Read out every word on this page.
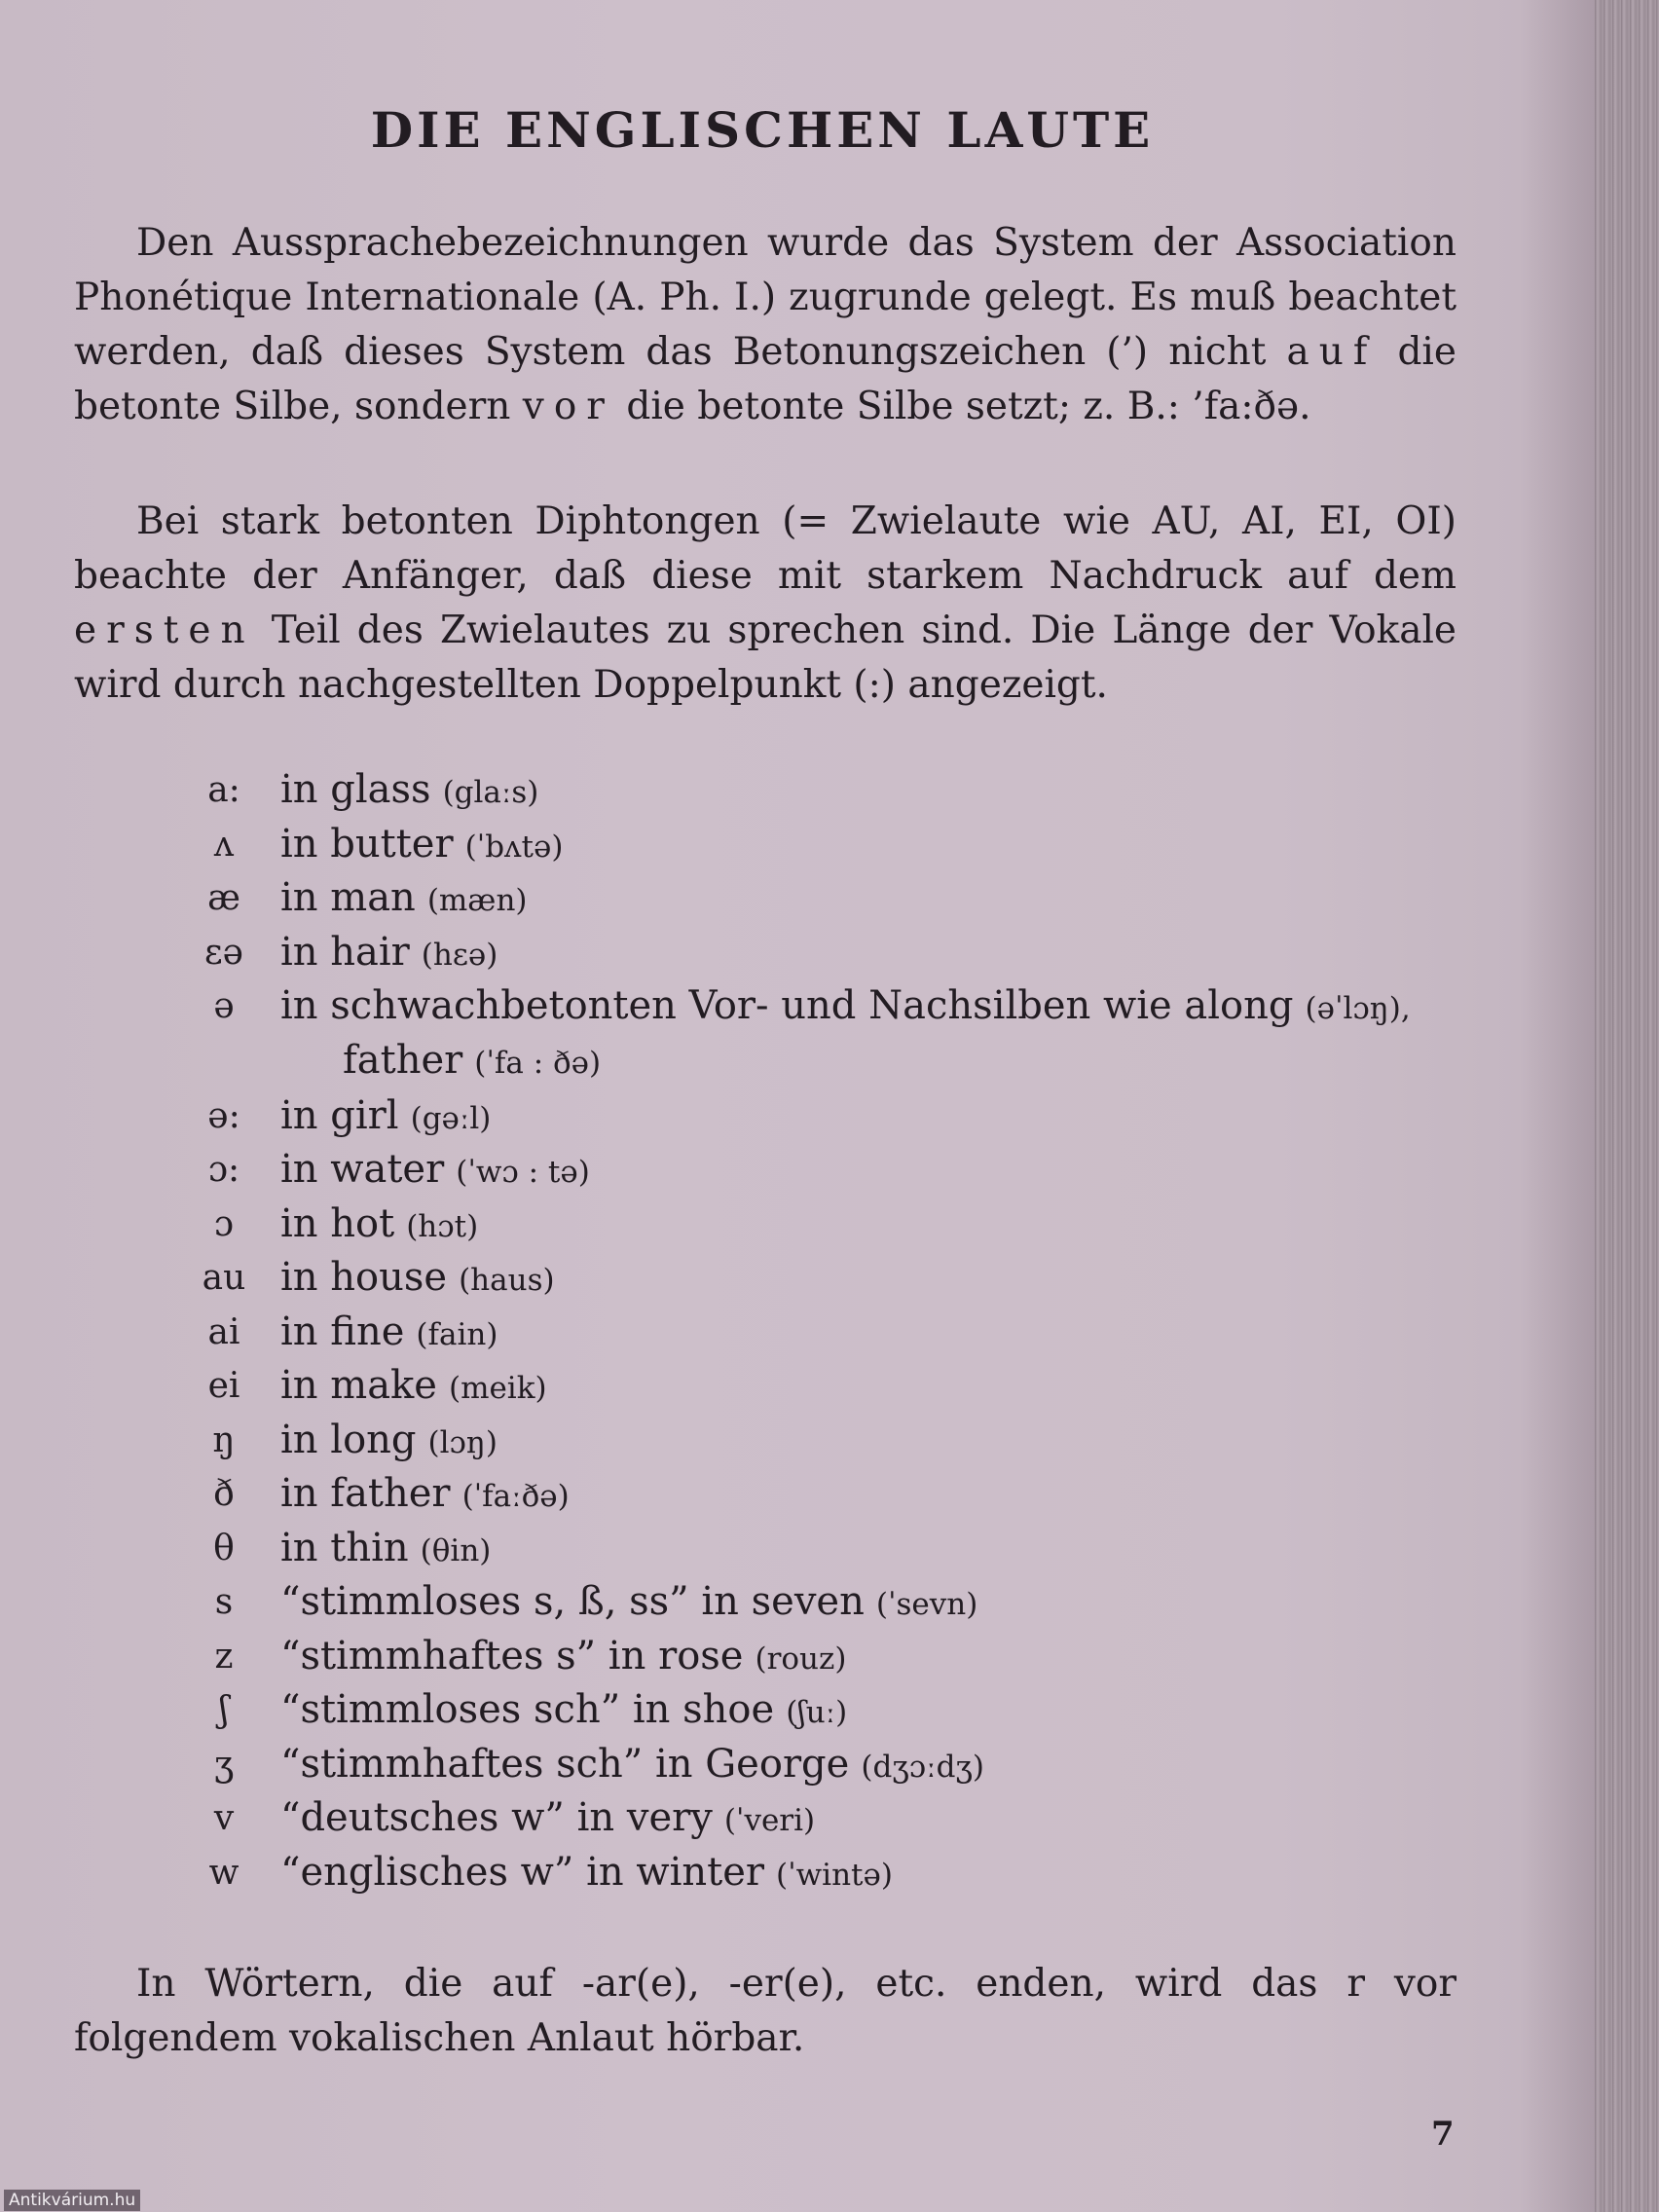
DIE ENGLISCHEN LAUTE
Den Aussprachebezeichnungen wurde das System der Association Phonétique Internationale (A. Ph. I.) zugrunde gelegt. Es muß beachtet werden, daß dieses System das Betonungszeichen (’) nicht auf die betonte Silbe, sondern vor die betonte Silbe setzt; z. B.: ’fa:ðə.
Bei stark betonten Diphtongen (= Zwielaute wie AU, AI, EI, OI) beachte der Anfänger, daß diese mit starkem Nachdruck auf dem ersten Teil des Zwielautes zu sprechen sind. Die Länge der Vokale wird durch nachgestellten Doppelpunkt (:) angezeigt.
a:	in glass (glaːs)
ʌ	in butter (ˈbʌtə)
æ	in man (mæn)
ɛə in hair (hɛə)
ə	in schwachbetonten Vor- und Nachsilben wie along (əˈlɔŋ),
father (ˈfa : ðə)
ə:	in girl (gəːl)
ɔ:	in water (ˈwɔ : tə)
ɔ	in hot (hɔt)
au in house (haus)
ai	in fine (fain)
ei	in make (meik)
ŋ	in long (lɔŋ)
ð	in father (ˈfaːðə)
θ	in thin (θin)
s	“stimmloses s, ß, ss” in seven (ˈsevn)
z	“stimmhaftes s” in rose (rouz)
ʃ	“stimmloses sch” in shoe (ʃuː)
ʒ	“stimmhaftes sch” in George (dʒɔːdʒ)
v	“deutsches w” in very (ˈveri)
w	“englisches w” in winter (ˈwintə)
In Wörtern, die auf -ar(e), -er(e), etc. enden, wird das r vor folgendem vokalischen Anlaut hörbar.
7
Antikvárium.hu
